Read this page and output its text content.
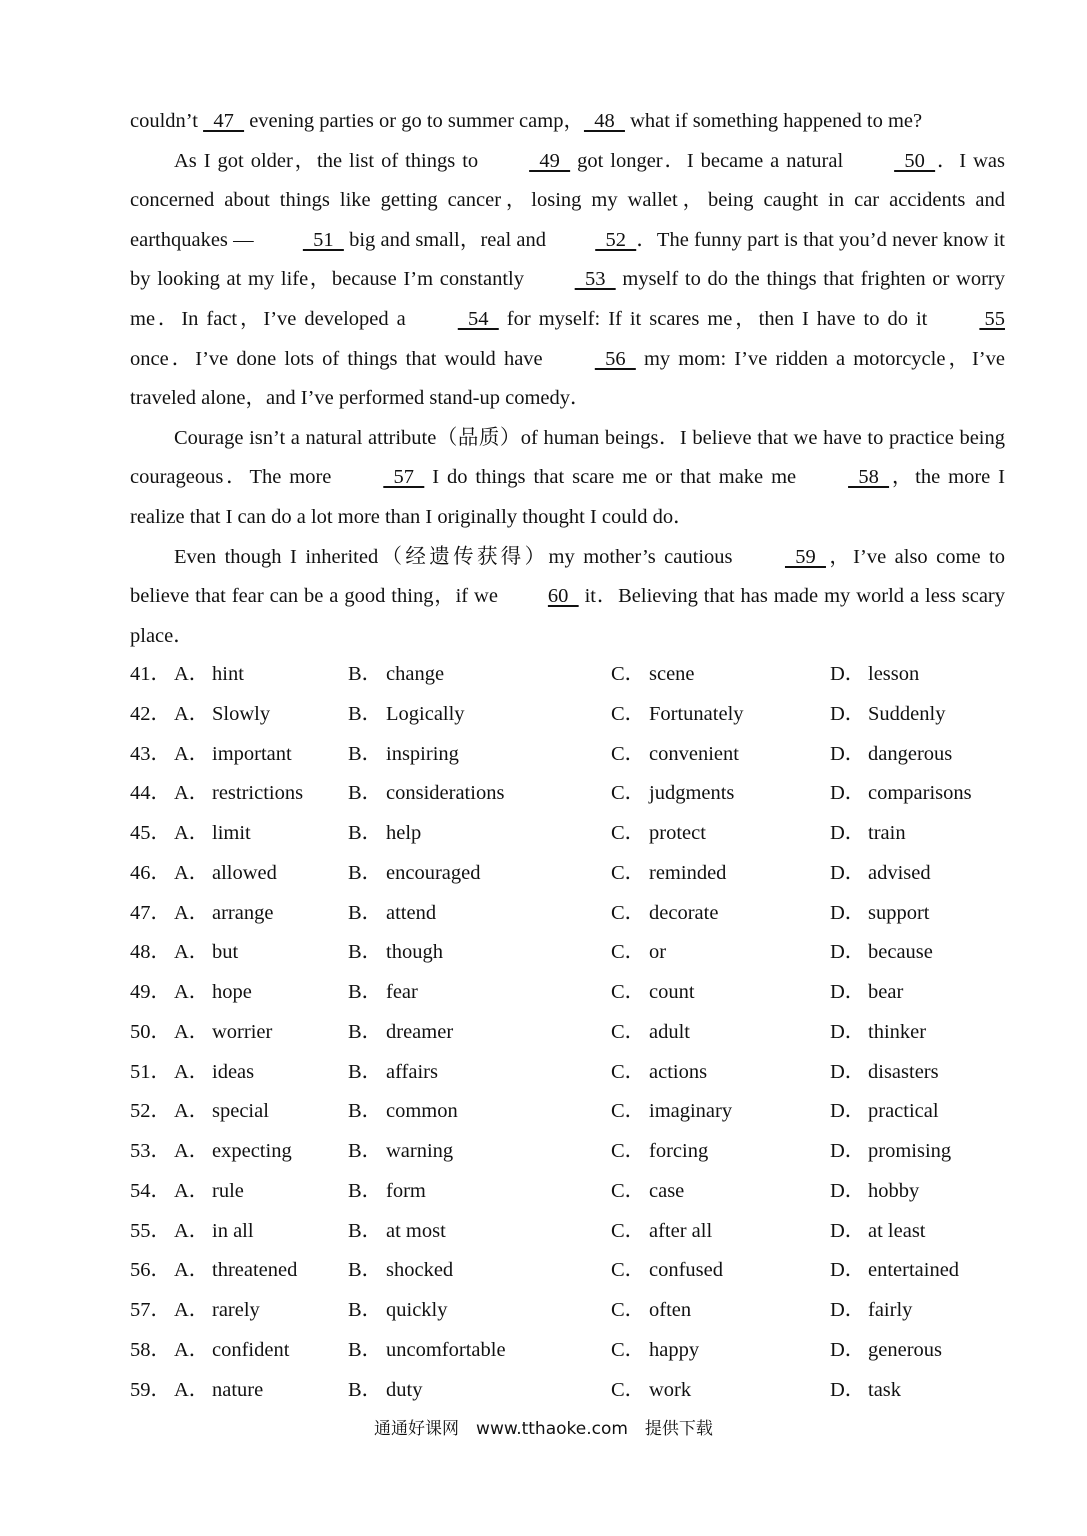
couldn’t   47   evening parties or go to summer camp，  48   what if something happened to me?

As I got older，the list of things to   49   got longer．I became a natural   50  ．I was concerned about things like getting cancer，losing my wallet，being caught in car accidents and earthquakes —   51   big and small，real and   52  ．The funny part is that you’d never know it by looking at my life，because I’m constantly   53   myself to do the things that frighten or worry me．In fact，I’ve developed a   54   for myself: If it scares me，then I have to do it  55 once．I’ve done lots of things that would have   56   my mom: I’ve ridden a motorcycle，I’ve traveled alone，and I’ve performed stand-up comedy．

Courage isn’t a natural attribute（品质）of human beings．I believe that we have to practice being courageous．The more   57   I do things that scare me or that make me   58  ，the more I realize that I can do a lot more than I originally thought I could do．

Even though I inherited（经遗传获得）my mother’s cautious   59  ，I’ve also come to believe that fear can be a good thing，if we 60   it．Believing that has made my world a less scary place．

41． A． hint	B． change	C． scene	D． lesson
42． A． Slowly	B． Logically	C． Fortunately	D． Suddenly
43． A． important	B． inspiring	C． convenient	D． dangerous
44． A． restrictions B． considerations	C． judgments	D． comparisons
45． A． limit	B． help	C． protect	D． train
46． A． allowed	B． encouraged	C． reminded	D． advised
47． A． arrange	B． attend	C． decorate	D． support
48． A． but	B． though	C． or	D． because
49． A． hope	B． fear	C． count	D． bear
50． A． worrier	B． dreamer	C． adult	D． thinker
51． A． ideas	B． affairs	C． actions	D． disasters
52． A． special	B． common	C． imaginary	D． practical
53． A． expecting	B． warning	C． forcing	D． promising
54． A． rule	B． form	C． case	D． hobby
55． A． in all	B． at most	C． after all	D． at least
56． A． threatened B． shocked	C． confused	D． entertained
57． A． rarely	B． quickly	C． often	D． fairly
58． A． confident	B． uncomfortable	C． happy	D． generous
59． A． nature	B． duty	C． work	D． task
通通好课网　www.tthaoke.com　提供下载
